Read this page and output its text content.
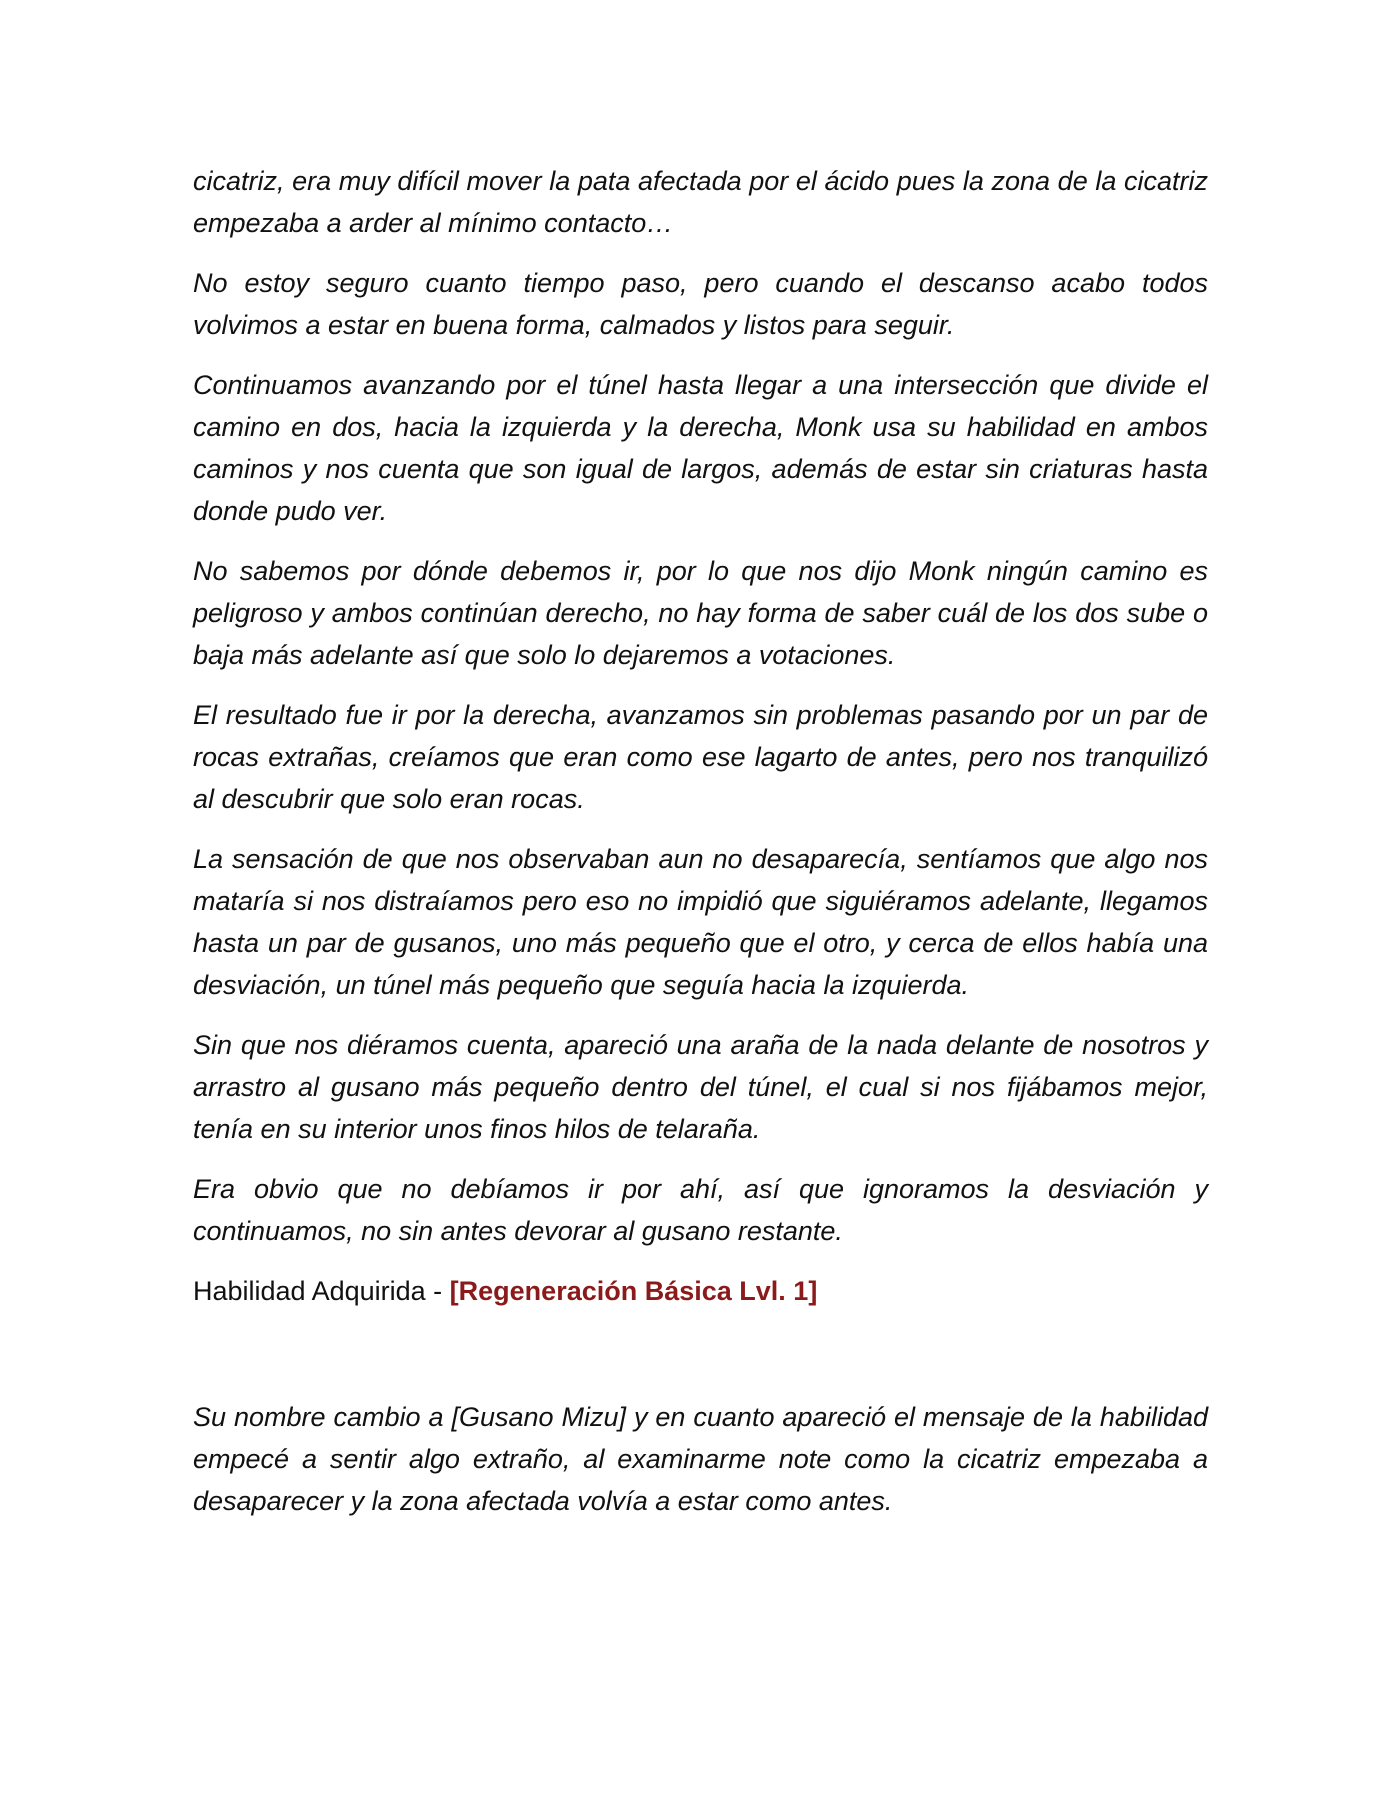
cicatriz, era muy difícil mover la pata afectada por el ácido pues la zona de la cicatriz empezaba a arder al mínimo contacto…

No estoy seguro cuanto tiempo paso, pero cuando el descanso acabo todos volvimos a estar en buena forma, calmados y listos para seguir.

Continuamos avanzando por el túnel hasta llegar a una intersección que divide el camino en dos, hacia la izquierda y la derecha, Monk usa su habilidad en ambos caminos y nos cuenta que son igual de largos, además de estar sin criaturas hasta donde pudo ver.

No sabemos por dónde debemos ir, por lo que nos dijo Monk ningún camino es peligroso y ambos continúan derecho, no hay forma de saber cuál de los dos sube o baja más adelante así que solo lo dejaremos a votaciones.

El resultado fue ir por la derecha, avanzamos sin problemas pasando por un par de rocas extrañas, creíamos que eran como ese lagarto de antes, pero nos tranquilizó al descubrir que solo eran rocas.

La sensación de que nos observaban aun no desaparecía, sentíamos que algo nos mataría si nos distraíamos pero eso no impidió que siguiéramos adelante, llegamos hasta un par de gusanos, uno más pequeño que el otro, y cerca de ellos había una desviación, un túnel más pequeño que seguía hacia la izquierda.

Sin que nos diéramos cuenta, apareció una araña de la nada delante de nosotros y arrastro al gusano más pequeño dentro del túnel, el cual si nos fijábamos mejor, tenía en su interior unos finos hilos de telaraña.

Era obvio que no debíamos ir por ahí, así que ignoramos la desviación y continuamos, no sin antes devorar al gusano restante.

Habilidad Adquirida - [Regeneración Básica Lvl. 1]

Su nombre cambio a [Gusano Mizu] y en cuanto apareció el mensaje de la habilidad empecé a sentir algo extraño, al examinarme note como la cicatriz empezaba a desaparecer y la zona afectada volvía a estar como antes.
